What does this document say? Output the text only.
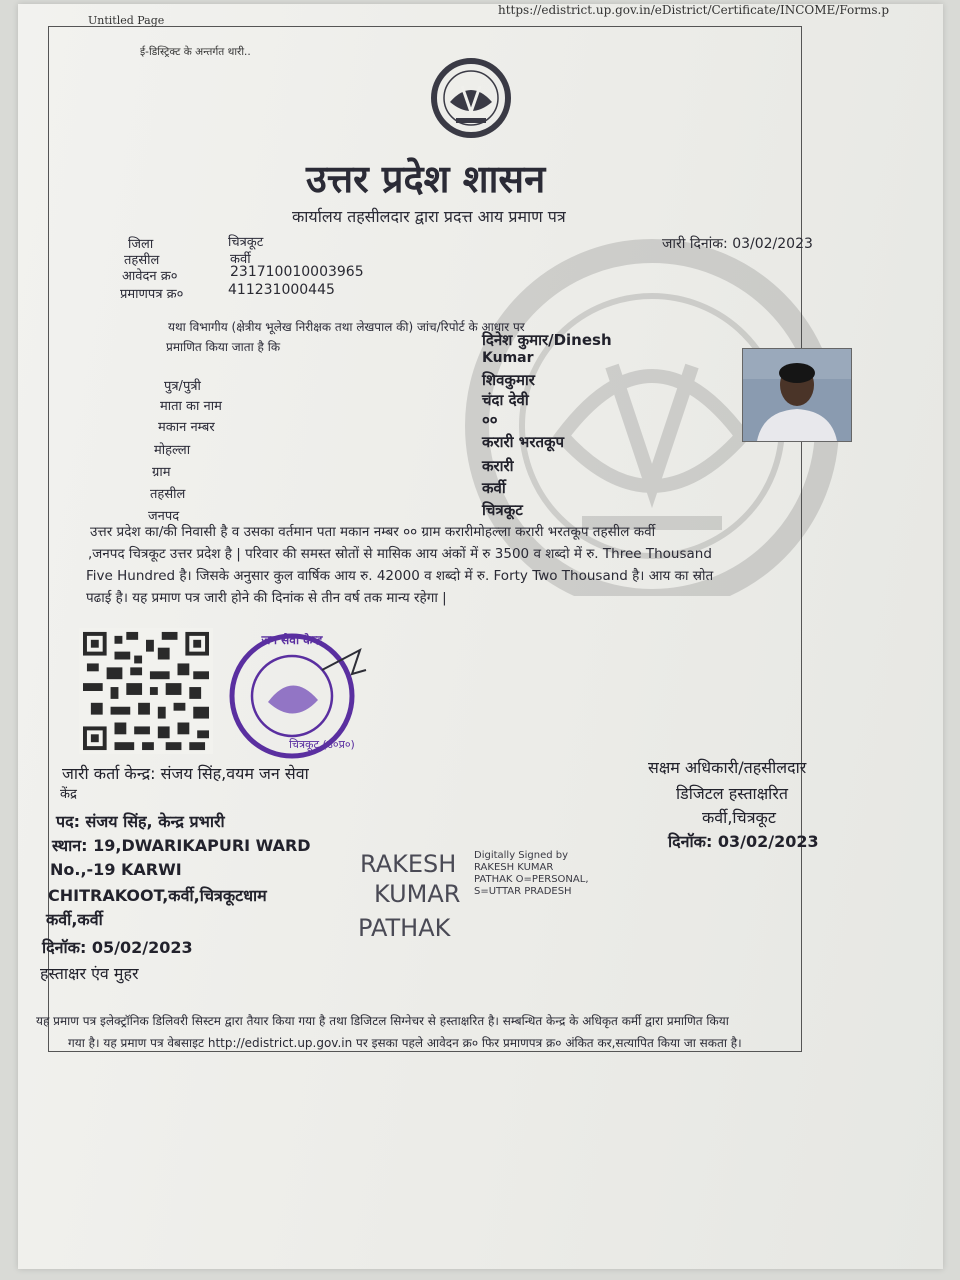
Untitled Page
https://edistrict.up.gov.in/eDistrict/Certificate/INCOME/Forms.p
ई-डिस्ट्रिक्ट के अन्तर्गत थारी..
उत्तर प्रदेश शासन
कार्यालय तहसीलदार द्वारा प्रदत्त आय प्रमाण पत्र
जिला	चित्रकूट
तहसील	कर्वी
आवेदन क्र०	231710010003965
प्रमाणपत्र क्र०	411231000445
जारी दिनांक: 03/02/2023
यथा विभागीय (क्षेत्रीय भूलेख निरीक्षक तथा लेखपाल की) जांच/रिपोर्ट के आधार पर
प्रमाणित किया जाता है कि	दिनेश कुमार/Dinesh
Kumar
पुत्र/पुत्री	शिवकुमार
माता का नाम	चंदा देवी
मकान नम्बर	००
मोहल्ला	करारी भरतकूप
ग्राम	करारी
तहसील	कर्वी
जनपद	चित्रकूट
उत्तर प्रदेश का/की निवासी है व उसका वर्तमान पता मकान नम्बर ०० ग्राम करारीमोहल्ला करारी भरतकूप तहसील कर्वी
,जनपद चित्रकूट उत्तर प्रदेश है | परिवार की समस्त स्रोतों से मासिक आय अंकों में रु 3500 व शब्दो में रु. Three Thousand
Five Hundred है। जिसके अनुसार कुल वार्षिक आय रु. 42000 व शब्दो में रु. Forty Two Thousand है। आय का स्रोत
पढाई है। यह प्रमाण पत्र जारी होने की दिनांक से तीन वर्ष तक मान्य रहेगा |
जन सेवा केन्द्र
चित्रकूट (उ०प्र०)
जारी कर्ता केन्द्र: संजय सिंह,वयम जन सेवा
केंद्र
पद: संजय सिंह, केन्द्र प्रभारी
स्थान: 19,DWARIKAPURI WARD
No.,-19 KARWI
CHITRAKOOT,कर्वी,चित्रकूटधाम
कर्वी,कर्वी
दिनॉक: 05/02/2023
हस्ताक्षर एंव मुहर
सक्षम अधिकारी/तहसीलदार
डिजिटल हस्ताक्षरित
कर्वी,चित्रकूट
दिनॉक: 03/02/2023
RAKESH
KUMAR
PATHAK
Digitally Signed by
RAKESH KUMAR
PATHAK O=PERSONAL,
S=UTTAR PRADESH
यह प्रमाण पत्र इलेक्ट्रॉनिक डिलिवरी सिस्टम द्वारा तैयार किया गया है तथा डिजिटल सिग्नेचर से हस्ताक्षरित है। सम्बन्धित केन्द्र के अधिकृत कर्मी द्वारा प्रमाणित किया
गया है। यह प्रमाण पत्र वेबसाइट http://edistrict.up.gov.in पर इसका पहले आवेदन क्र० फिर प्रमाणपत्र क्र० अंकित कर,सत्यापित किया जा सकता है।
